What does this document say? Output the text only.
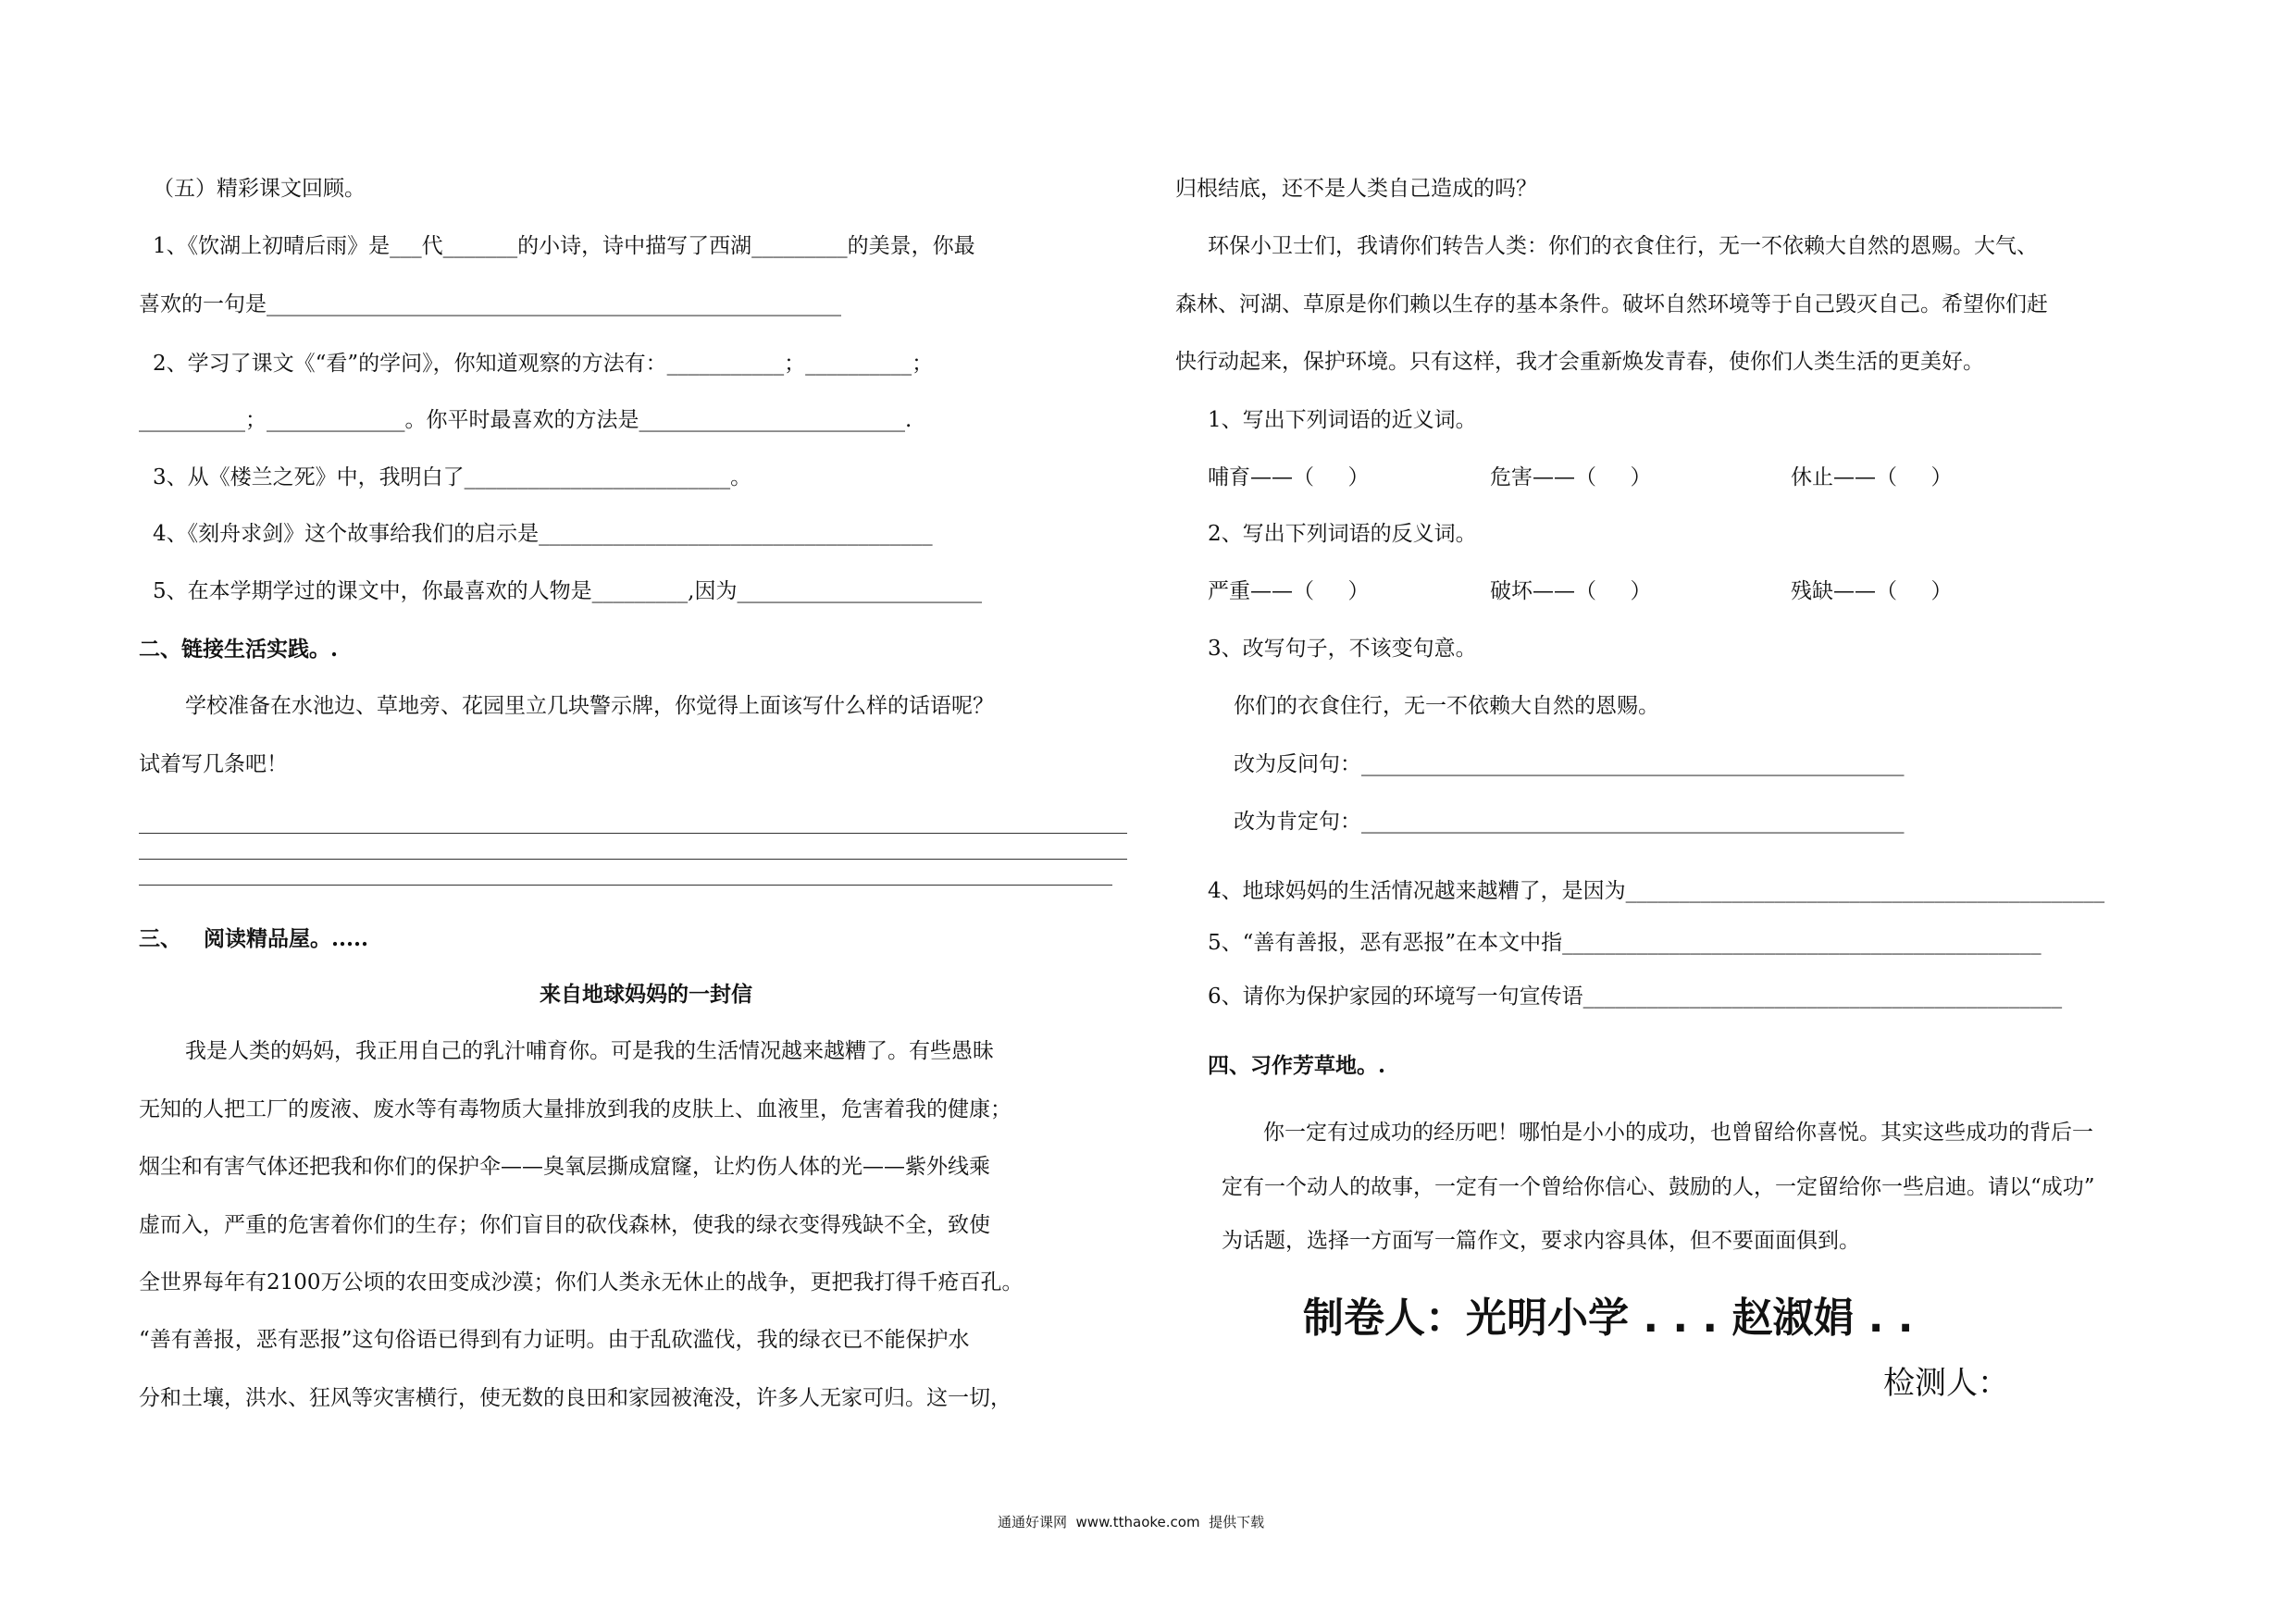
（五）精彩课文回顾。
1、《饮湖上初晴后雨》是___代_______的小诗，诗中描写了西湖_________的美景，你最
喜欢的一句是______________________________________________________
2、学习了课文《“看”的学问》，你知道观察的方法有：___________；__________；
__________；_____________。你平时最喜欢的方法是_________________________.
3、从《楼兰之死》中，我明白了_________________________。
4、《刻舟求剑》这个故事给我们的启示是_____________________________________
5、在本学期学过的课文中，你最喜欢的人物是_________,因为_______________________
二、链接生活实践。.
学校准备在水池边、草地旁、花园里立几块警示牌，你觉得上面该写什么样的话语呢？
试着写几条吧！
三、   阅读精品屋。.....
来自地球妈妈的一封信
我是人类的妈妈，我正用自己的乳汁哺育你。可是我的生活情况越来越糟了。有些愚昧
无知的人把工厂的废液、废水等有毒物质大量排放到我的皮肤上、血液里，危害着我的健康；
烟尘和有害气体还把我和你们的保护伞——臭氧层撕成窟窿，让灼伤人体的光——紫外线乘
虚而入，严重的危害着你们的生存；你们盲目的砍伐森林，使我的绿衣变得残缺不全，致使
全世界每年有2100万公顷的农田变成沙漠；你们人类永无休止的战争，更把我打得千疮百孔。
“善有善报，恶有恶报”这句俗语已得到有力证明。由于乱砍滥伐，我的绿衣已不能保护水
分和土壤，洪水、狂风等灾害横行，使无数的良田和家园被淹没，许多人无家可归。这一切，
归根结底，还不是人类自己造成的吗？
环保小卫士们，我请你们转告人类：你们的衣食住行，无一不依赖大自然的恩赐。大气、
森林、河湖、草原是你们赖以生存的基本条件。破坏自然环境等于自己毁灭自己。希望你们赶
快行动起来，保护环境。只有这样，我才会重新焕发青春，使你们人类生活的更美好。
1、写出下列词语的近义词。
哺育——（     ）	危害——（     ）	休止——（     ）
2、写出下列词语的反义词。
严重——（     ）	破坏——（     ）	残缺——（     ）
3、改写句子，不该变句意。
你们的衣食住行，无一不依赖大自然的恩赐。
改为反问句：___________________________________________________
改为肯定句：___________________________________________________
4、地球妈妈的生活情况越来越糟了，是因为_____________________________________________
5、“善有善报，恶有恶报”在本文中指_____________________________________________
6、请你为保护家园的环境写一句宣传语_____________________________________________
四、习作芳草地。.
你一定有过成功的经历吧！哪怕是小小的成功，也曾留给你喜悦。其实这些成功的背后一
定有一个动人的故事，一定有一个曾给你信心、鼓励的人，一定留给你一些启迪。请以“成功”
为话题，选择一方面写一篇作文，要求内容具体，但不要面面俱到。
制卷人：光明小学 . . . 赵淑娟 . .
检测人：
通通好课网  www.tthaoke.com  提供下载
